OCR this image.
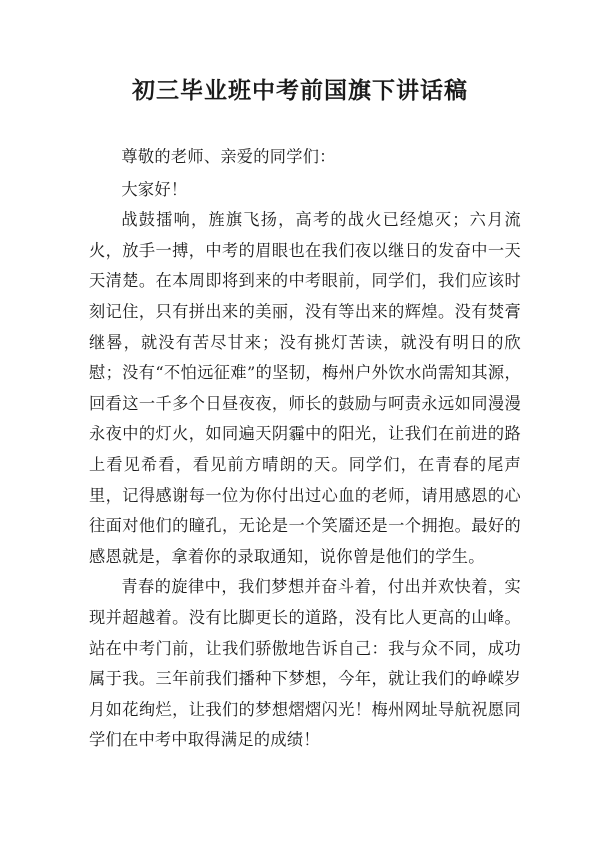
初三毕业班中考前国旗下讲话稿

尊敬的老师、亲爱的同学们：

大家好！

战鼓擂响，旌旗飞扬，高考的战火已经熄灭；六月流火，放手一搏，中考的眉眼也在我们夜以继日的发奋中一天天清楚。在本周即将到来的中考眼前，同学们，我们应该时刻记住，只有拼出来的美丽，没有等出来的辉煌。没有焚膏继晷，就没有苦尽甘来；没有挑灯苦读，就没有明日的欣慰；没有“不怕远征难”的坚韧，梅州户外饮水尚需知其源，回看这一千多个日昼夜夜，师长的鼓励与呵责永远如同漫漫永夜中的灯火，如同遍天阴霾中的阳光，让我们在前进的路上看见希看，看见前方晴朗的天。同学们，在青春的尾声里，记得感谢每一位为你付出过心血的老师，请用感恩的心往面对他们的瞳孔，无论是一个笑靥还是一个拥抱。最好的感恩就是，拿着你的录取通知，说你曾是他们的学生。

青春的旋律中，我们梦想并奋斗着，付出并欢快着，实现并超越着。没有比脚更长的道路，没有比人更高的山峰。站在中考门前，让我们骄傲地告诉自己：我与众不同，成功属于我。三年前我们播种下梦想，今年，就让我们的峥嵘岁月如花绚烂，让我们的梦想熠熠闪光！梅州网址导航祝愿同学们在中考中取得满足的成绩！
